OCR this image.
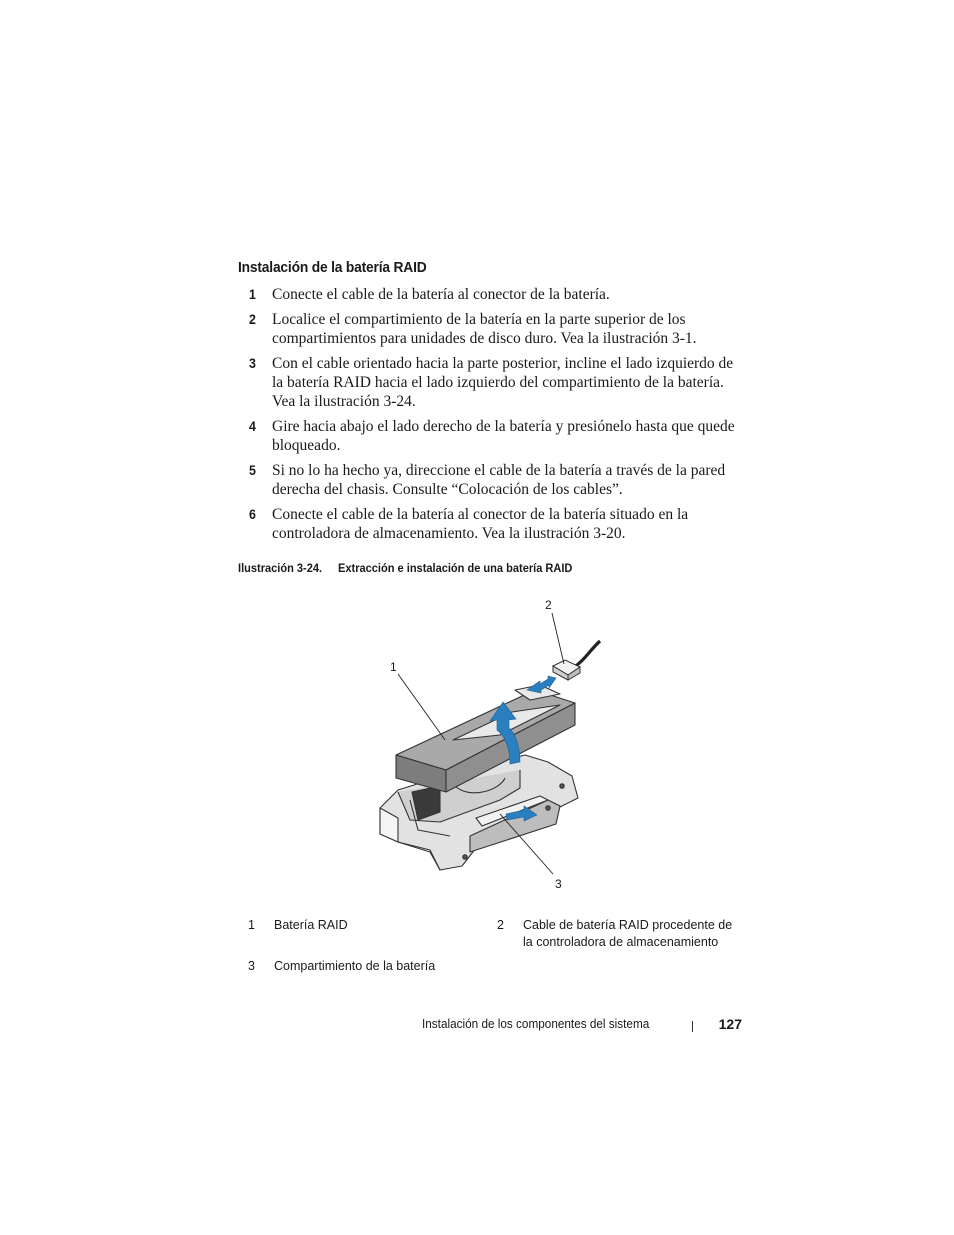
Instalación de la batería RAID
1 Conecte el cable de la batería al conector de la batería.
2 Localice el compartimiento de la batería en la parte superior de los compartimientos para unidades de disco duro. Vea la ilustración 3-1.
3 Con el cable orientado hacia la parte posterior, incline el lado izquierdo de la batería RAID hacia el lado izquierdo del compartimiento de la batería. Vea la ilustración 3-24.
4 Gire hacia abajo el lado derecho de la batería y presiónelo hasta que quede bloqueado.
5 Si no lo ha hecho ya, direccione el cable de la batería a través de la pared derecha del chasis. Consulte “Colocación de los cables”.
6 Conecte el cable de la batería al conector de la batería situado en la controladora de almacenamiento. Vea la ilustración 3-20.
Ilustración 3-24. Extracción e instalación de una batería RAID
1
2
3
1 Batería RAID	2 Cable de batería RAID procedente de la controladora de almacenamiento
3 Compartimiento de la batería
Instalación de los componentes del sistema	127
